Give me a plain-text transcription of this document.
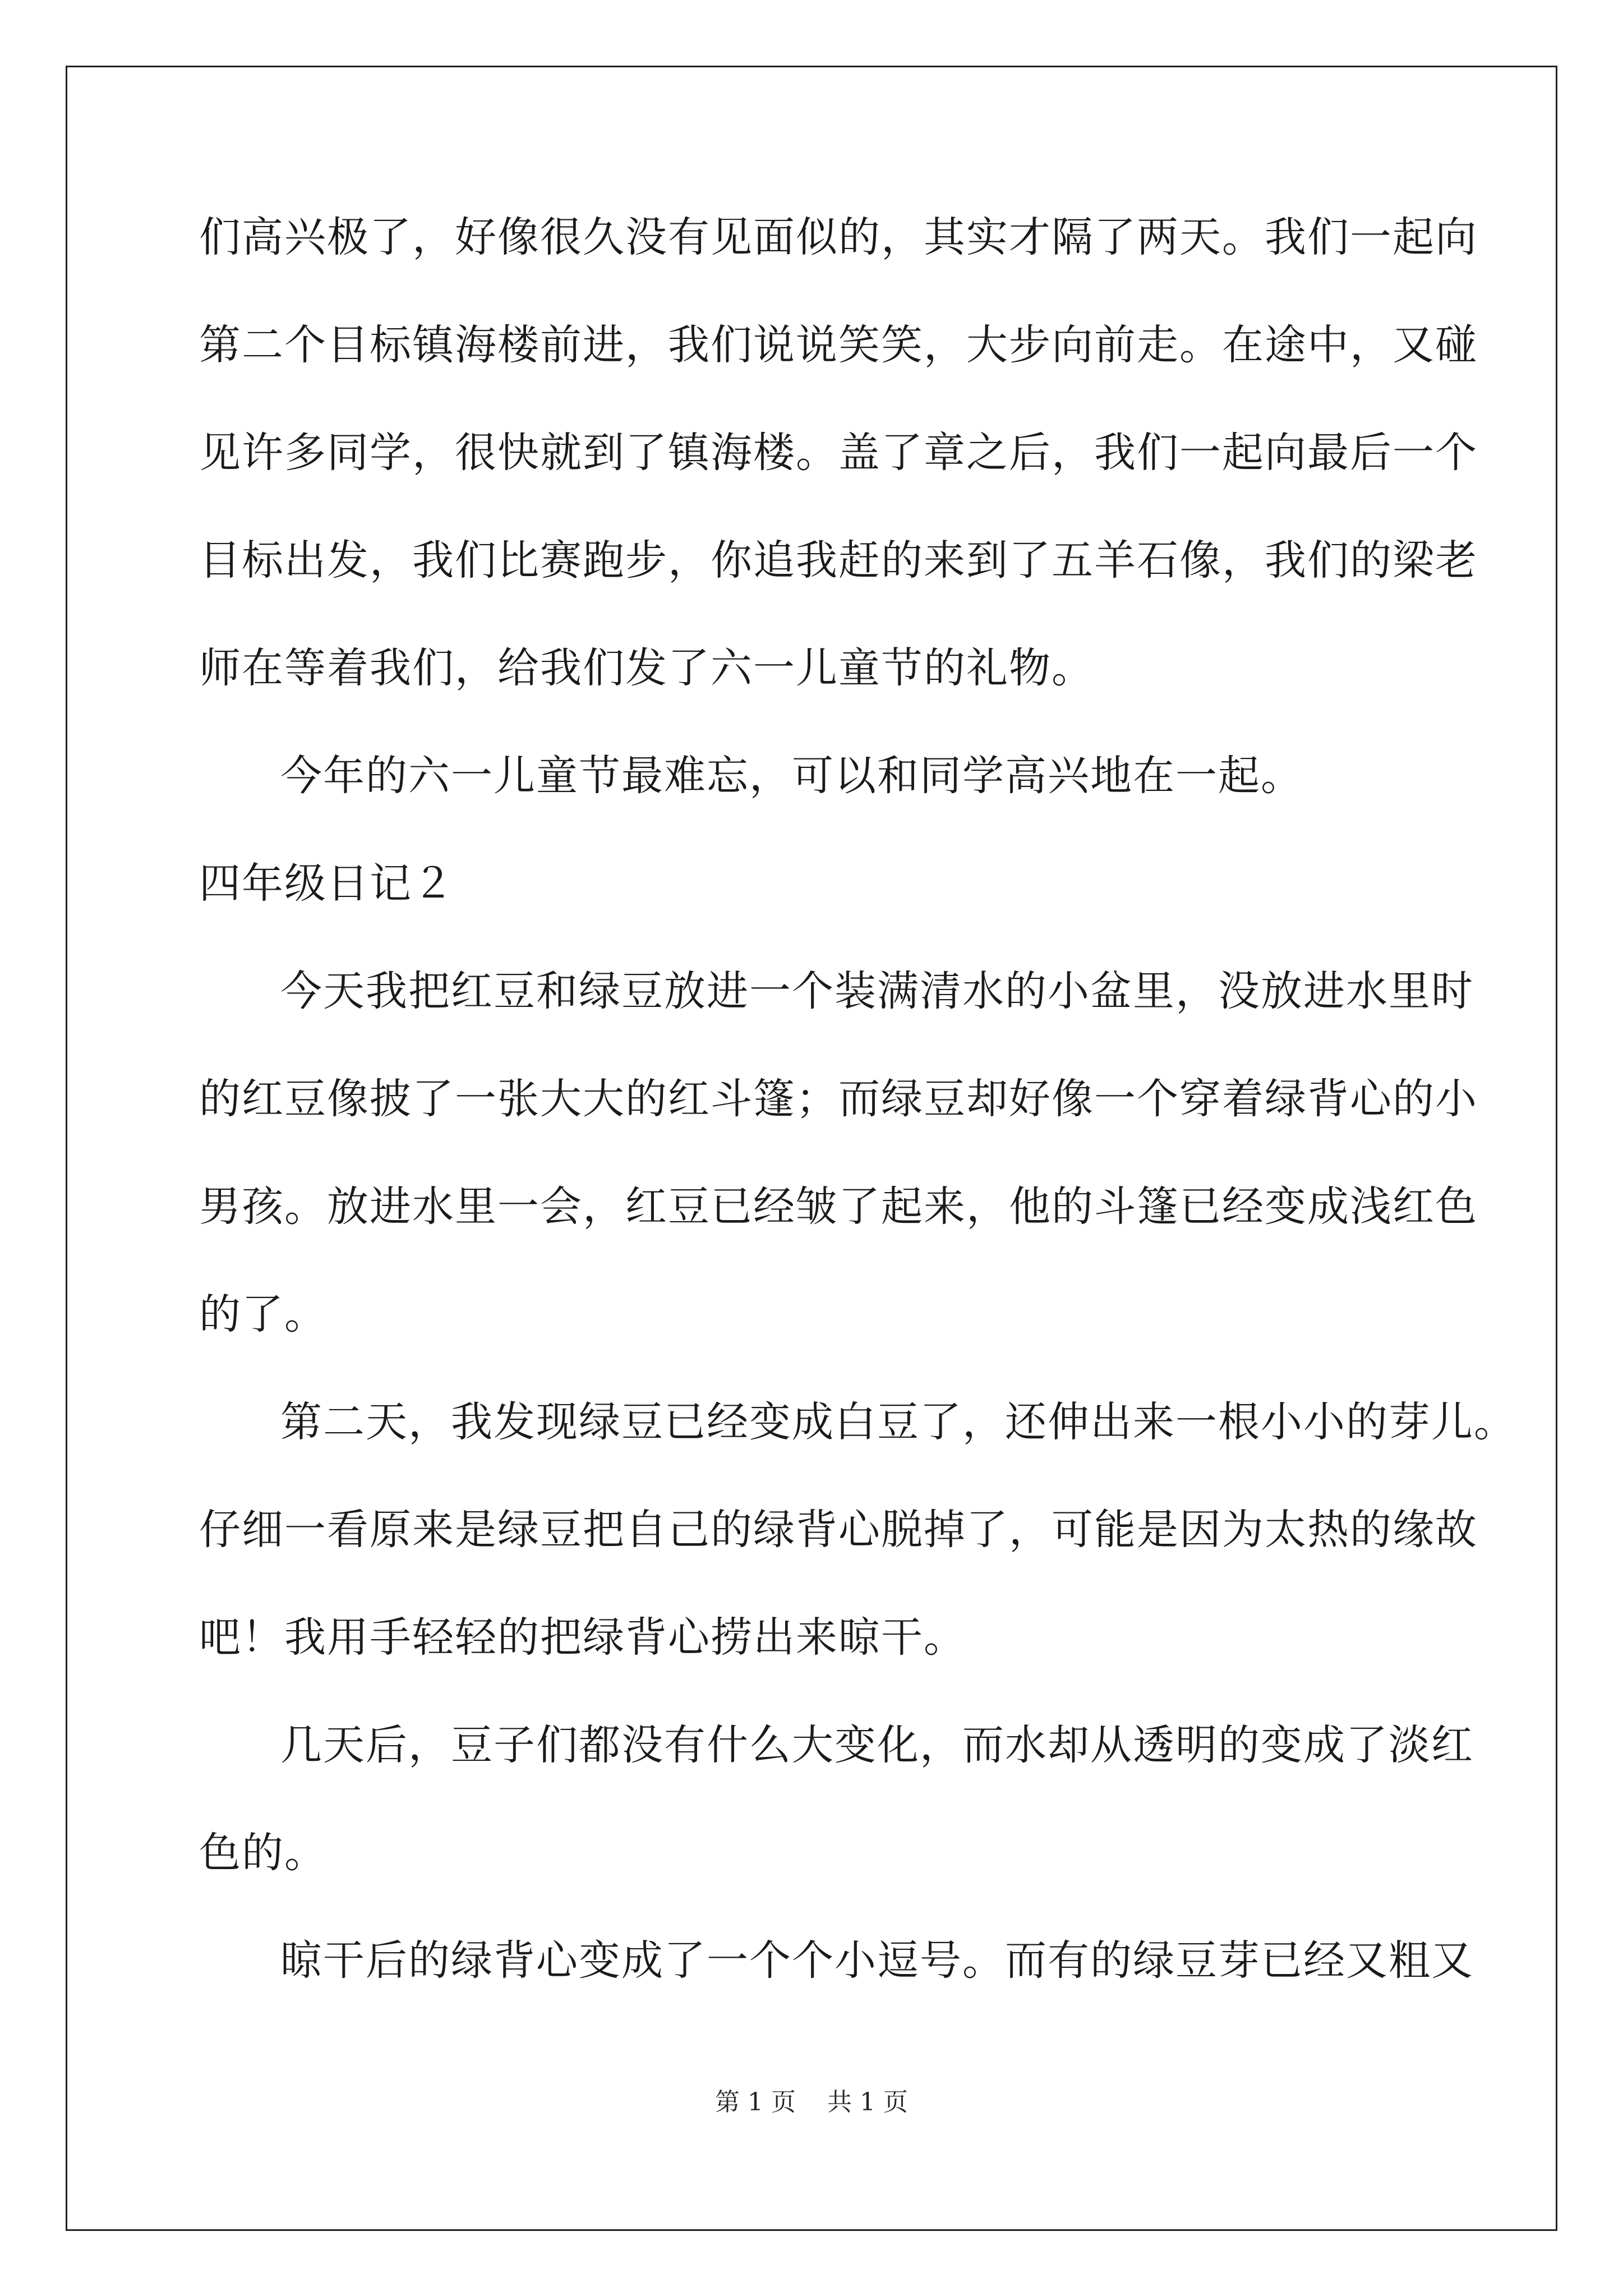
们高兴极了，好像很久没有见面似的，其实才隔了两天。我们一起向
第二个目标镇海楼前进，我们说说笑笑，大步向前走。在途中，又碰
见许多同学，很快就到了镇海楼。盖了章之后，我们一起向最后一个
目标出发，我们比赛跑步，你追我赶的来到了五羊石像，我们的梁老
师在等着我们，给我们发了六一儿童节的礼物。
今年的六一儿童节最难忘，可以和同学高兴地在一起。
四年级日记２
今天我把红豆和绿豆放进一个装满清水的小盆里，没放进水里时
的红豆像披了一张大大的红斗篷；而绿豆却好像一个穿着绿背心的小
男孩。放进水里一会，红豆已经皱了起来，他的斗篷已经变成浅红色
的了。
第二天，我发现绿豆已经变成白豆了，还伸出来一根小小的芽儿。
仔细一看原来是绿豆把自己的绿背心脱掉了，可能是因为太热的缘故
吧！我用手轻轻的把绿背心捞出来晾干。
几天后，豆子们都没有什么大变化，而水却从透明的变成了淡红
色的。
晾干后的绿背心变成了一个个小逗号。而有的绿豆芽已经又粗又
第 1 页    共 1 页
